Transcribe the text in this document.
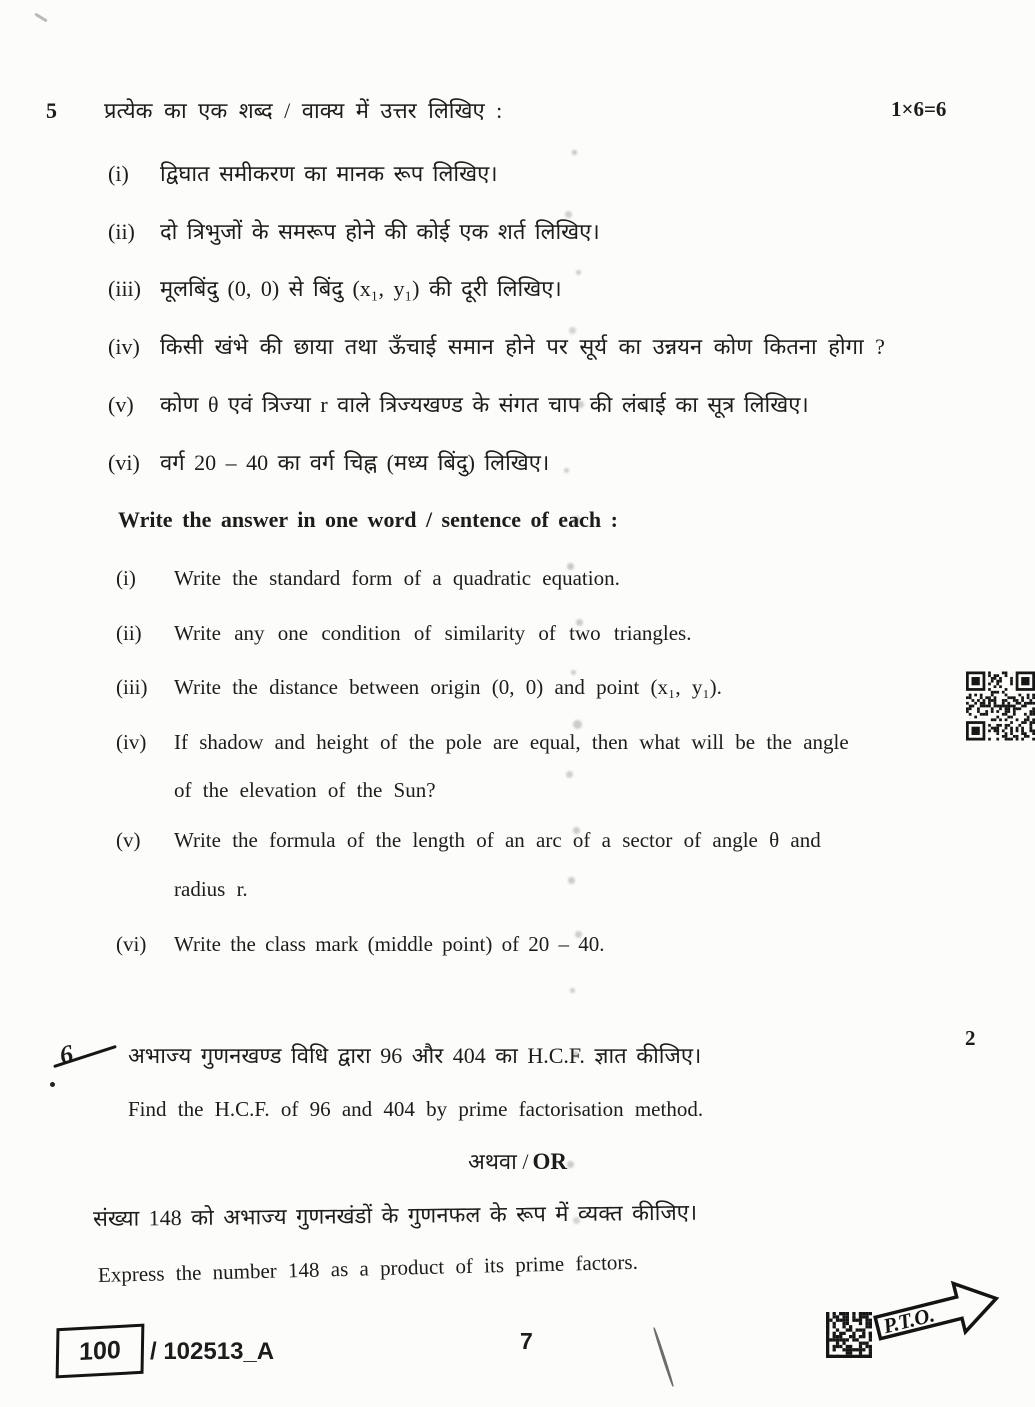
5 प्रत्येक का एक शब्द / वाक्य में उत्तर लिखिए :	1×6=6
(i) द्विघात समीकरण का मानक रूप लिखिए।
(ii) दो त्रिभुजों के समरूप होने की कोई एक शर्त लिखिए।
(iii) मूलबिंदु (0, 0) से बिंदु (x₁, y₁) की दूरी लिखिए।
(iv) किसी खंभे की छाया तथा ऊँचाई समान होने पर सूर्य का उन्नयन कोण कितना होगा ?
(v) कोण θ एवं त्रिज्या r वाले त्रिज्यखण्ड के संगत चाप की लंबाई का सूत्र लिखिए।
(vi) वर्ग 20 – 40 का वर्ग चिह्न (मध्य बिंदु) लिखिए।
Write the answer in one word / sentence of each :
(i) Write the standard form of a quadratic equation.
(ii) Write any one condition of similarity of two triangles.
(iii) Write the distance between origin (0, 0) and point (x₁, y₁).
(iv) If shadow and height of the pole are equal, then what will be the angle
of the elevation of the Sun?
(v) Write the formula of the length of an arc of a sector of angle θ and
radius r.
(vi) Write the class mark (middle point) of 20 – 40.
6 अभाज्य गुणनखण्ड विधि द्वारा 96 और 404 का H.C.F. ज्ञात कीजिए।
2
Find the H.C.F. of 96 and 404 by prime factorisation method.
अथवा / OR
संख्या 148 को अभाज्य गुणनखंडों के गुणनफल के रूप में व्यक्त कीजिए।
Express the number 148 as a product of its prime factors.
100 / 102513_A	7
P.T.O.
